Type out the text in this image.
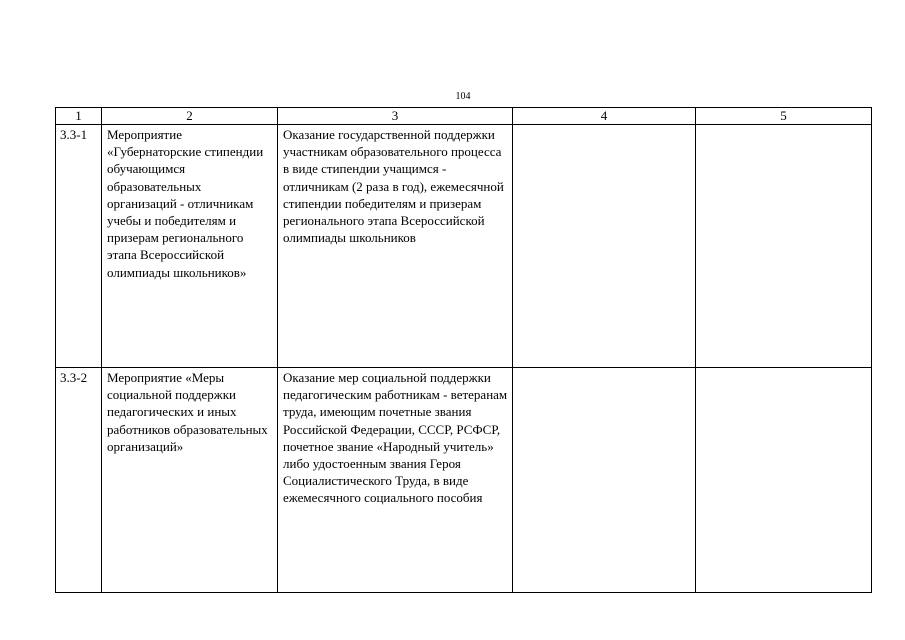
104
1	2	3	4	5
3.3-1	Мероприятие «Губернаторские стипендии обучающимся образовательных организаций - отличникам учебы и победителям и призерам регионального этапа Всероссийской олимпиады школьников»	Оказание государственной поддержки участникам образовательного процесса в виде стипендии учащимся - отличникам (2 раза в год), ежемесячной стипендии победителям и призерам регионального этапа Всероссийской олимпиады школьников		
3.3-2	Мероприятие «Меры социальной поддержки педагогических и иных работников образовательных организаций»	Оказание мер социальной поддержки педагогическим работникам - ветеранам труда, имеющим почетные звания Российской Федерации, СССР, РСФСР, почетное звание «Народный учитель» либо удостоенным звания Героя Социалистического Труда, в виде ежемесячного социального пособия		
